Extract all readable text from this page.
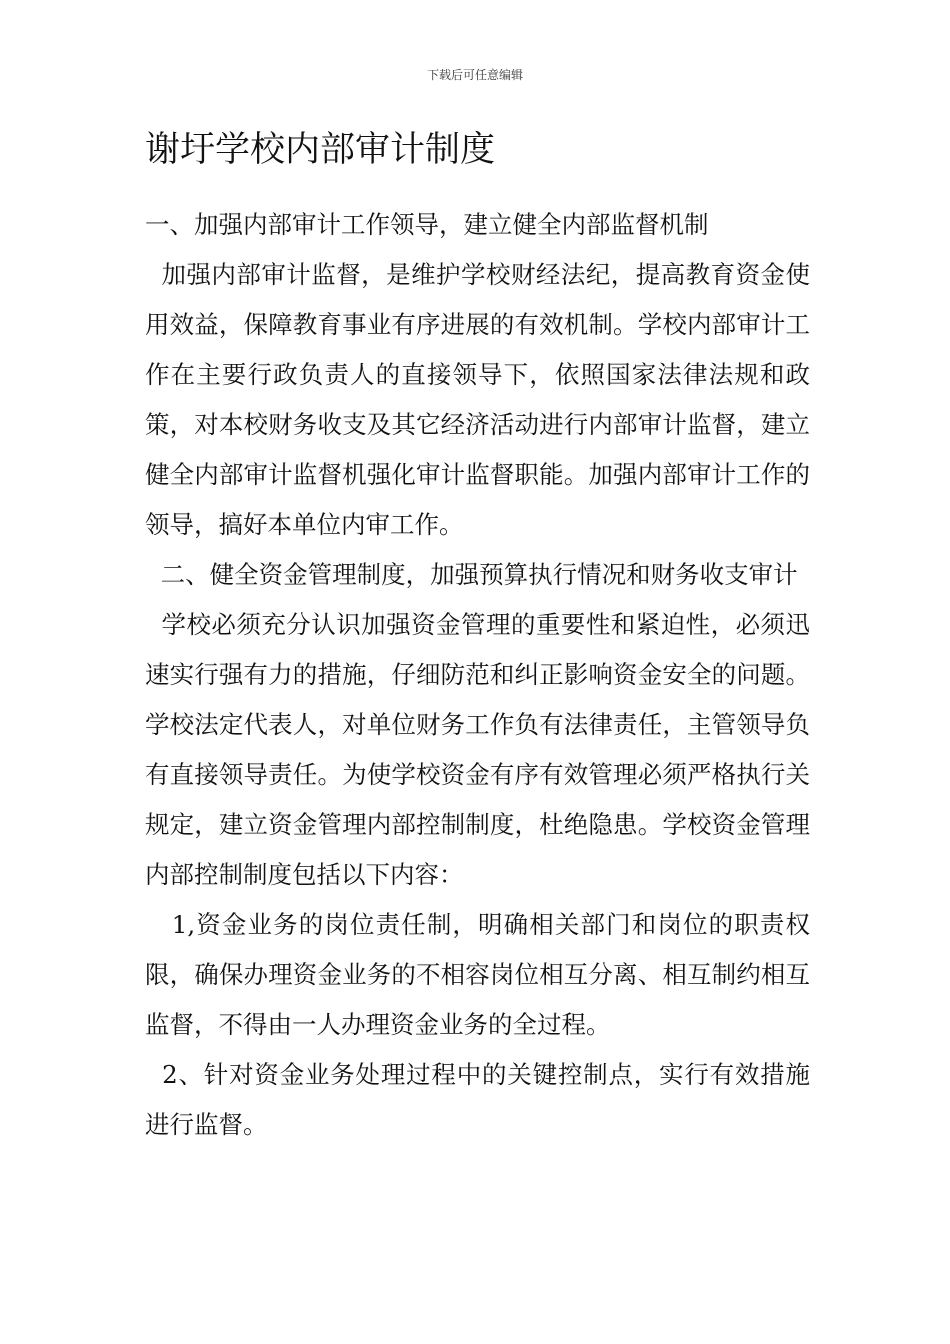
下载后可任意编辑
谢圩学校内部审计制度

一、加强内部审计工作领导，建立健全内部监督机制

加强内部审计监督，是维护学校财经法纪，提高教育资金使用效益，保障教育事业有序进展的有效机制。学校内部审计工作在主要行政负责人的直接领导下，依照国家法律法规和政策，对本校财务收支及其它经济活动进行内部审计监督，建立健全内部审计监督机强化审计监督职能。加强内部审计工作的领导，搞好本单位内审工作。

二、健全资金管理制度，加强预算执行情况和财务收支审计

学校必须充分认识加强资金管理的重要性和紧迫性，必须迅速实行强有力的措施，仔细防范和纠正影响资金安全的问题。学校法定代表人，对单位财务工作负有法律责任，主管领导负有直接领导责任。为使学校资金有序有效管理必须严格执行关规定，建立资金管理内部控制制度，杜绝隐患。学校资金管理内部控制制度包括以下内容：

1,资金业务的岗位责任制，明确相关部门和岗位的职责权限，确保办理资金业务的不相容岗位相互分离、相互制约相互监督，不得由一人办理资金业务的全过程。

2、针对资金业务处理过程中的关键控制点，实行有效措施进行监督。
